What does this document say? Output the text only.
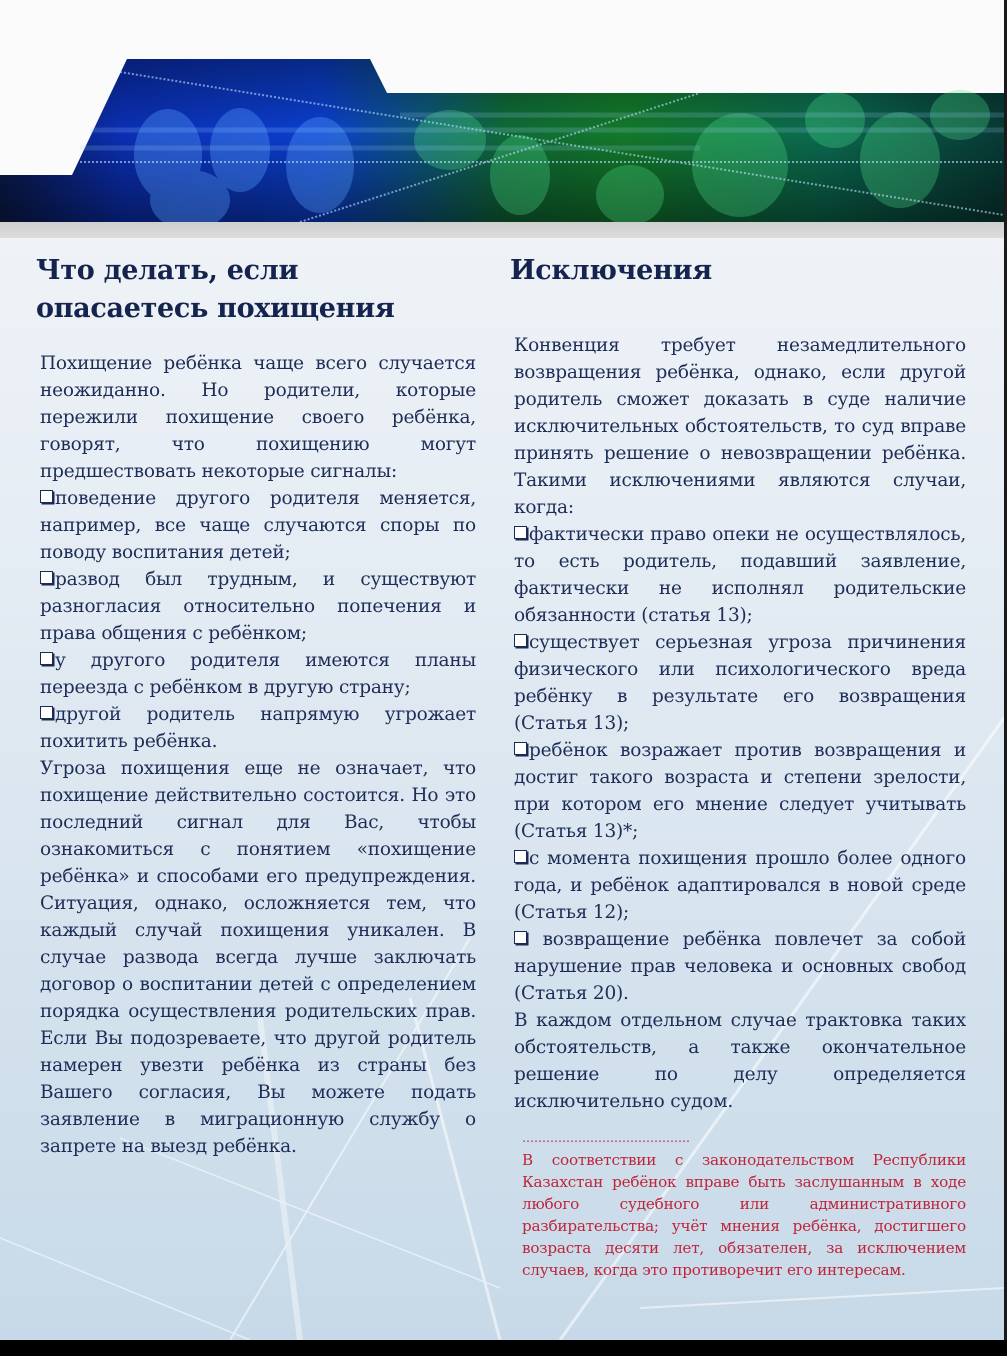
Что делать, если опасаетесь похищения

Похищение ребёнка чаще всего случается неожиданно. Но родители, которые пережили похищение своего ребёнка, говорят, что похищению могут предшествовать некоторые сигналы:

поведение другого родителя меняется, например, все чаще случаются споры по поводу воспитания детей;

развод был трудным, и существуют разногласия относительно попечения и права общения с ребёнком;

у другого родителя имеются планы переезда с ребёнком в другую страну;

другой родитель напрямую угрожает похитить ребёнка.

Угроза похищения еще не означает, что похищение действительно состоится. Но это последний сигнал для Вас, чтобы ознакомиться с понятием «похищение ребёнка» и способами его предупреждения. Ситуация, однако, осложняется тем, что каждый случай похищения уникален. В случае развода всегда лучше заключать договор о воспитании детей с определением порядка осуществления родительских прав. Если Вы подозреваете, что другой родитель намерен увезти ребёнка из страны без Вашего согласия, Вы можете подать заявление в миграционную службу о запрете на выезд ребёнка.

Исключения

Конвенция требует незамедлительного возвращения ребёнка, однако, если другой родитель сможет доказать в суде наличие исключительных обстоятельств, то суд вправе принять решение о невозвращении ребёнка. Такими исключениями являются случаи, когда:

фактически право опеки не осуществлялось, то есть родитель, подавший заявление, фактически не исполнял родительские обязанности (статья 13);

существует серьезная угроза причинения физического или психологического вреда ребёнку в результате его возвращения (Статья 13);

ребёнок возражает против возвращения и достиг такого возраста и степени зрелости, при котором его мнение следует учитывать (Статья 13)*;

с момента похищения прошло более одного года, и ребёнок адаптировался в новой среде (Статья 12);

возвращение ребёнка повлечет за собой нарушение прав человека и основных свобод (Статья 20).

В каждом отдельном случае трактовка таких обстоятельств, а также окончательное решение по делу определяется исключительно судом.

……………………………………

В соответствии с законодательством Республики Казахстан ребёнок вправе быть заслушанным в ходе любого судебного или административного разбирательства; учёт мнения ребёнка, достигшего возраста десяти лет, обязателен, за исключением случаев, когда это противоречит его интересам.
